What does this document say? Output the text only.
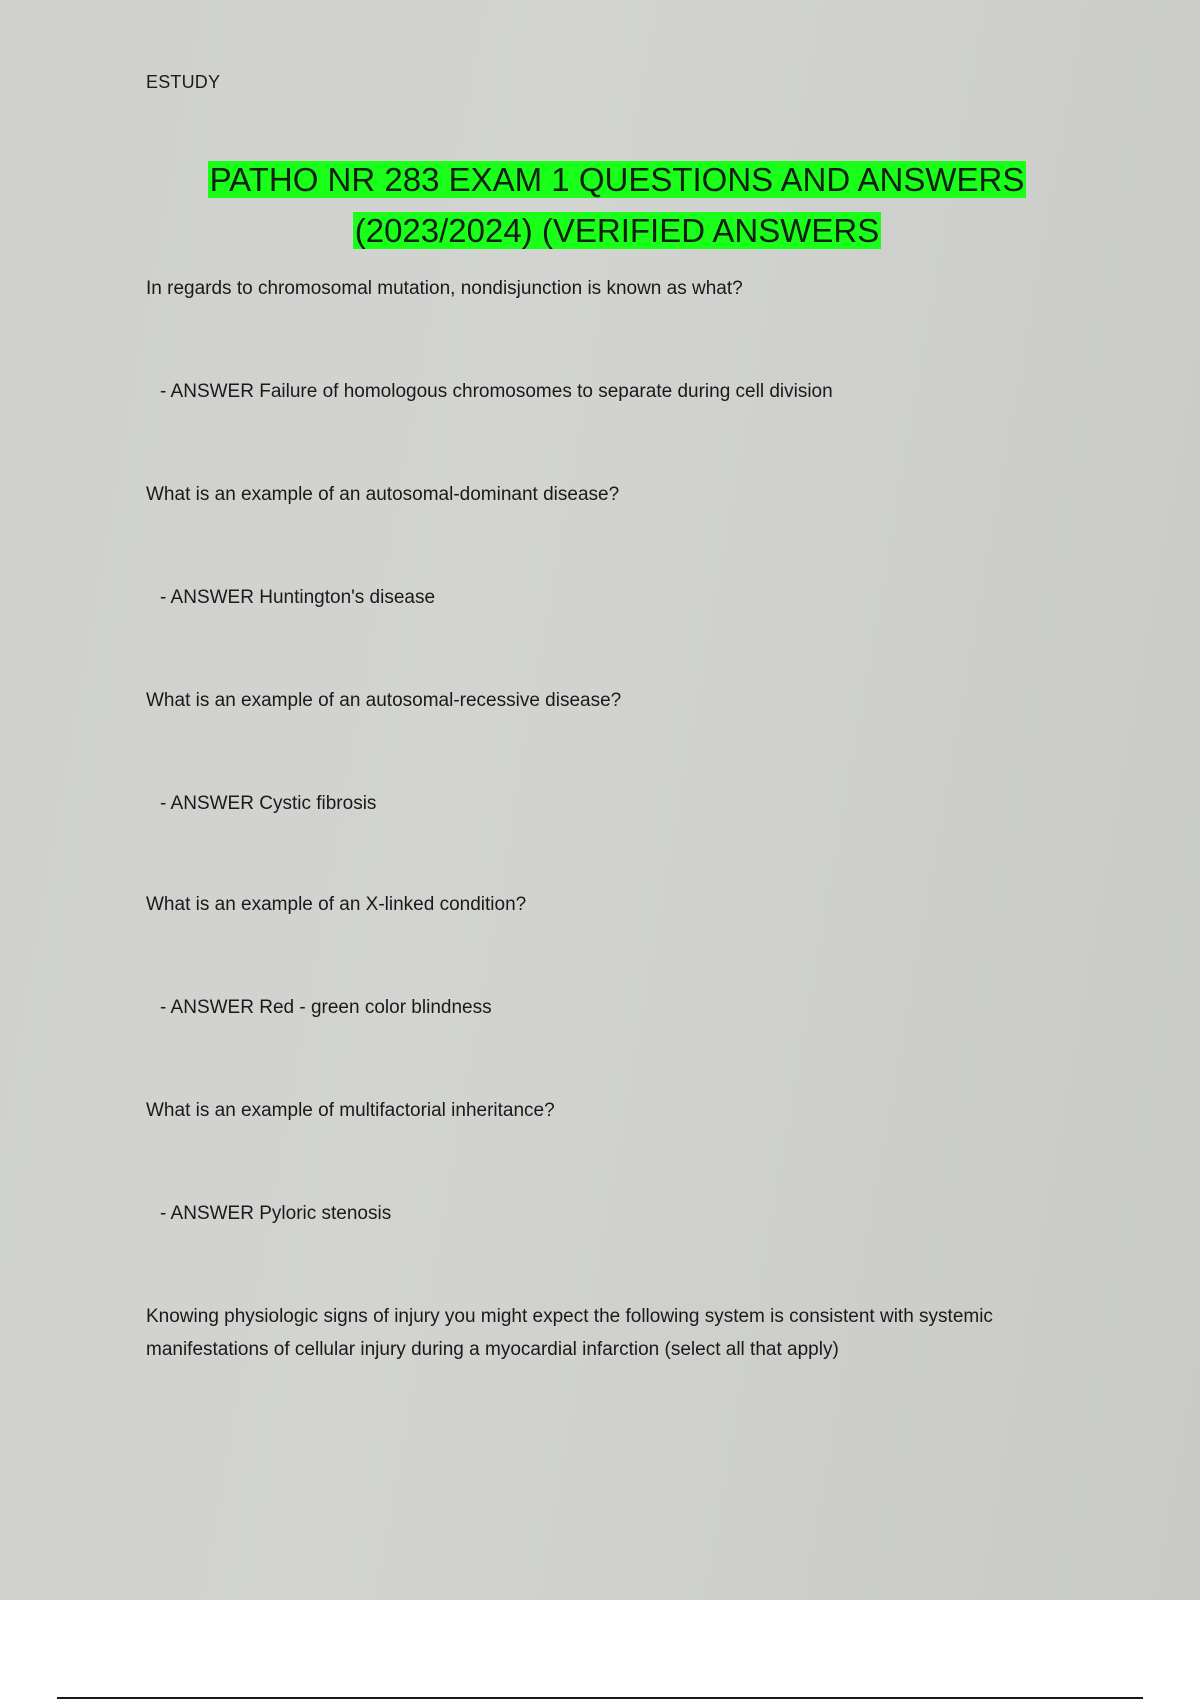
ESTUDY
PATHO NR 283 EXAM 1 QUESTIONS AND ANSWERS
(2023/2024) (VERIFIED ANSWERS
In regards to chromosomal mutation, nondisjunction is known as what?
- ANSWER Failure of homologous chromosomes to separate during cell division
What is an example of an autosomal-dominant disease?
- ANSWER Huntington's disease
What is an example of an autosomal-recessive disease?
- ANSWER Cystic fibrosis
What is an example of an X-linked condition?
- ANSWER Red - green color blindness
What is an example of multifactorial inheritance?
- ANSWER Pyloric stenosis
Knowing physiologic signs of injury you might expect the following system is consistent with systemic manifestations of cellular injury during a myocardial infarction (select all that apply)
